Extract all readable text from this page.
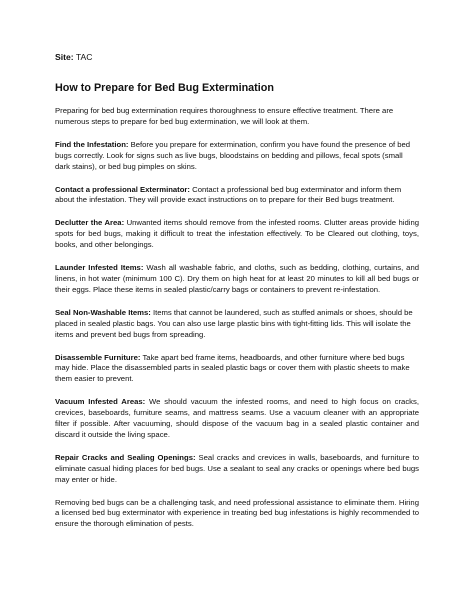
Site: TAC

How to Prepare for Bed Bug Extermination

Preparing for bed bug extermination requires thoroughness to ensure effective treatment. There are numerous steps to prepare for bed bug extermination, we will look at them.

Find the Infestation: Before you prepare for extermination, confirm you have found the presence of bed bugs correctly. Look for signs such as live bugs, bloodstains on bedding and pillows, fecal spots (small dark stains), or bed bug pimples on skins.

Contact a professional Exterminator: Contact a professional bed bug exterminator and inform them about the infestation. They will provide exact instructions on to prepare for their Bed bugs treatment.

Declutter the Area: Unwanted items should remove from the infested rooms. Clutter areas provide hiding spots for bed bugs, making it difficult to treat the infestation effectively. To be Cleared out clothing, toys, books, and other belongings.

Launder Infested Items: Wash all washable fabric, and cloths, such as bedding, clothing, curtains, and linens, in hot water (minimum 100 C). Dry them on high heat for at least 20 minutes to kill all bed bugs or their eggs. Place these items in sealed plastic/carry bags or containers to prevent re-infestation.

Seal Non-Washable Items: Items that cannot be laundered, such as stuffed animals or shoes, should be placed in sealed plastic bags. You can also use large plastic bins with tight-fitting lids. This will isolate the items and prevent bed bugs from spreading.

Disassemble Furniture: Take apart bed frame items, headboards, and other furniture where bed bugs may hide. Place the disassembled parts in sealed plastic bags or cover them with plastic sheets to make them easier to prevent.

Vacuum Infested Areas: We should vacuum the infested rooms, and need to high focus on cracks, crevices, baseboards, furniture seams, and mattress seams. Use a vacuum cleaner with an appropriate filter if possible. After vacuuming, should dispose of the vacuum bag in a sealed plastic container and discard it outside the living space.

Repair Cracks and Sealing Openings: Seal cracks and crevices in walls, baseboards, and furniture to eliminate casual hiding places for bed bugs. Use a sealant to seal any cracks or openings where bed bugs may enter or hide.

Removing bed bugs can be a challenging task, and need professional assistance to eliminate them. Hiring a licensed bed bug exterminator with experience in treating bed bug infestations is highly recommended to ensure the thorough elimination of pests.
